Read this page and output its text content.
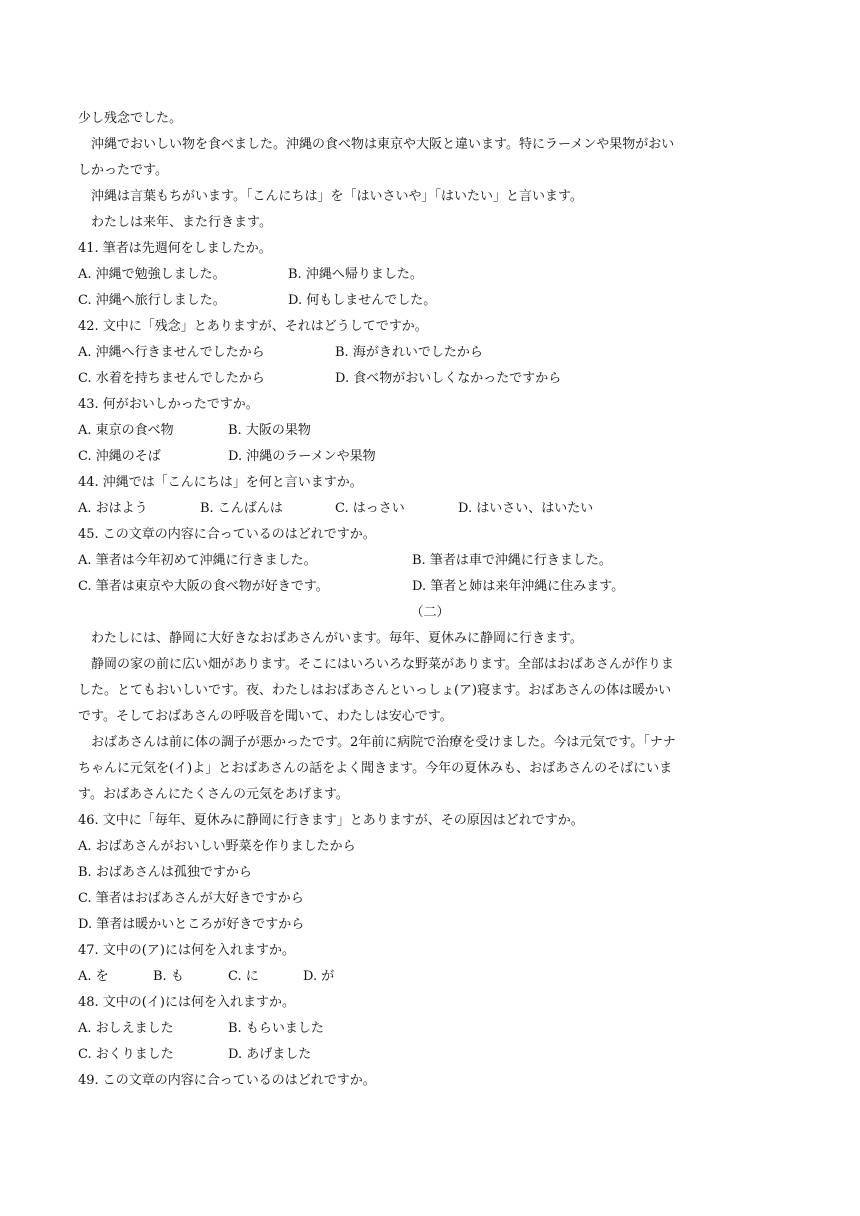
少し残念でした。
沖縄でおいしい物を食べました。沖縄の食べ物は東京や大阪と違います。特にラーメンや果物がおい
しかったです。
沖縄は言葉もちがいます。「こんにちは」を「はいさいや」「はいたい」と言います。
わたしは来年、また行きます。
41. 筆者は先週何をしましたか。
A. 沖縄で勉強しました。	B. 沖縄へ帰りました。
C. 沖縄へ旅行しました。	D. 何もしませんでした。
42. 文中に「残念」とありますが、それはどうしてですか。
A. 沖縄へ行きませんでしたから	B. 海がきれいでしたから
C. 水着を持ちませんでしたから	D. 食べ物がおいしくなかったですから
43. 何がおいしかったですか。
A. 東京の食べ物	B. 大阪の果物
C. 沖縄のそば	D. 沖縄のラーメンや果物
44. 沖縄では「こんにちは」を何と言いますか。
A. おはよう	B. こんばんは	C. はっさい	D. はいさい、はいたい
45. この文章の内容に合っているのはどれですか。
A. 筆者は今年初めて沖縄に行きました。	B. 筆者は車で沖縄に行きました。
C. 筆者は東京や大阪の食べ物が好きです。	D. 筆者と姉は来年沖縄に住みます。
（二）
わたしには、静岡に大好きなおばあさんがいます。毎年、夏休みに静岡に行きます。
静岡の家の前に広い畑があります。そこにはいろいろな野菜があります。全部はおばあさんが作りま
した。とてもおいしいです。夜、わたしはおばあさんといっしょ(ア)寝ます。おばあさんの体は暖かい
です。そしておばあさんの呼吸音を聞いて、わたしは安心です。
おばあさんは前に体の調子が悪かったです。2年前に病院で治療を受けました。今は元気です。「ナナ
ちゃんに元気を(イ)よ」とおばあさんの話をよく聞きます。今年の夏休みも、おばあさんのそばにいま
す。おばあさんにたくさんの元気をあげます。
46. 文中に「毎年、夏休みに静岡に行きます」とありますが、その原因はどれですか。
A. おばあさんがおいしい野菜を作りましたから
B. おばあさんは孤独ですから
C. 筆者はおばあさんが大好きですから
D. 筆者は暖かいところが好きですから
47. 文中の(ア)には何を入れますか。
A. を	B. も	C. に	D. が
48. 文中の(イ)には何を入れますか。
A. おしえました	B. もらいました
C. おくりました	D. あげました
49. この文章の内容に合っているのはどれですか。
